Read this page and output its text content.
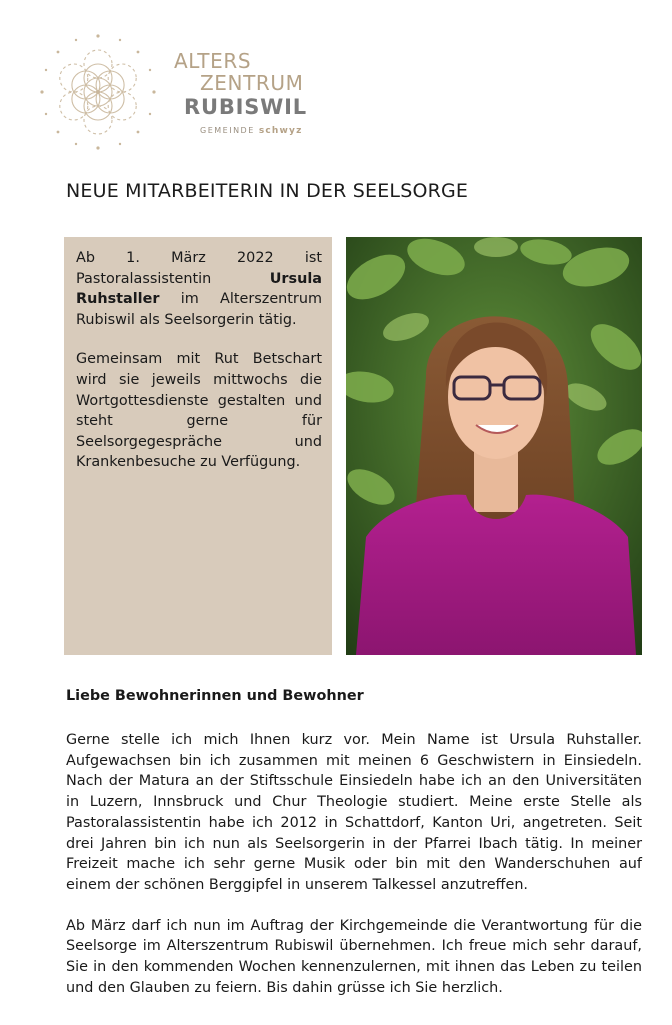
ALTERS
ZENTRUM
RUBISWIL
GEMEINDE schwyz
NEUE MITARBEITERIN IN DER SEELSORGE

Ab 1. März 2022 ist Pastoralassistentin Ursula Ruhstaller im Alterszentrum Rubiswil als Seelsorgerin tätig.

Gemeinsam mit Rut Betschart wird sie jeweils mittwochs die Wortgottesdienste gestalten und steht gerne für Seelsorgegespräche und Krankenbesuche zu Verfügung.

Liebe Bewohnerinnen und Bewohner

Gerne stelle ich mich Ihnen kurz vor. Mein Name ist Ursula Ruhstaller. Aufgewachsen bin ich zusammen mit meinen 6 Geschwistern in Einsiedeln. Nach der Matura an der Stiftsschule Einsiedeln habe ich an den Universitäten in Luzern, Innsbruck und Chur Theologie studiert. Meine erste Stelle als Pastoralassistentin habe ich 2012 in Schattdorf, Kanton Uri, angetreten. Seit drei Jahren bin ich nun als Seelsorgerin in der Pfarrei Ibach tätig. In meiner Freizeit mache ich sehr gerne Musik oder bin mit den Wanderschuhen auf einem der schönen Berggipfel in unserem Talkessel anzutreffen.

Ab März darf ich nun im Auftrag der Kirchgemeinde die Verantwortung für die Seelsorge im Alterszentrum Rubiswil übernehmen. Ich freue mich sehr darauf, Sie in den kommenden Wochen kennenzulernen, mit ihnen das Leben zu teilen und den Glauben zu feiern. Bis dahin grüsse ich Sie herzlich.
